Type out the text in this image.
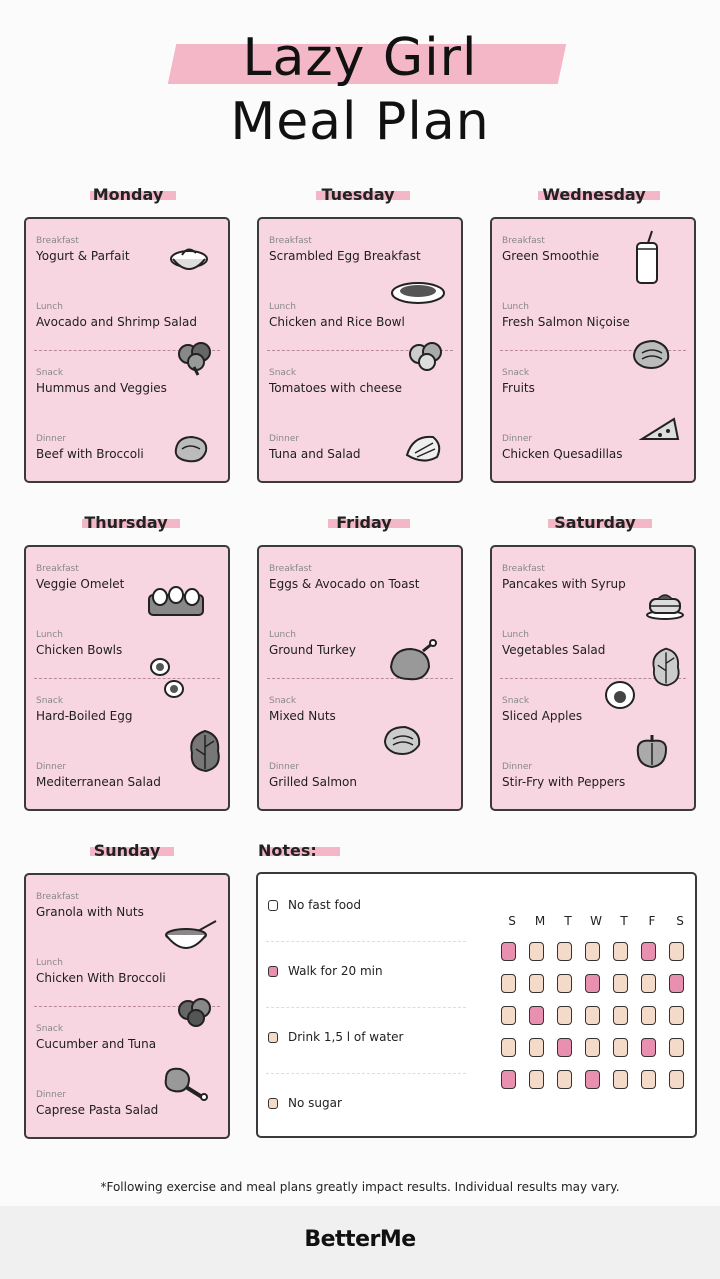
Lazy Girl
Meal Plan
Monday
Breakfast
Yogurt & Parfait
Lunch
Avocado and Shrimp Salad
Snack
Hummus and Veggies
Dinner
Beef with Broccoli
Tuesday
Breakfast
Scrambled Egg Breakfast
Lunch
Chicken and Rice Bowl
Snack
Tomatoes with cheese
Dinner
Tuna and Salad
Wednesday
Breakfast
Green Smoothie
Lunch
Fresh Salmon Niçoise
Snack
Fruits
Dinner
Chicken Quesadillas
Thursday
Breakfast
Veggie Omelet
Lunch
Chicken Bowls
Snack
Hard-Boiled Egg
Dinner
Mediterranean Salad
Friday
Breakfast
Eggs & Avocado on Toast
Lunch
Ground Turkey
Snack
Mixed Nuts
Dinner
Grilled Salmon
Saturday
Breakfast
Pancakes with Syrup
Lunch
Vegetables Salad
Snack
Sliced Apples
Dinner
Stir-Fry with Peppers
Sunday
Breakfast
Granola with Nuts
Lunch
Chicken With Broccoli
Snack
Cucumber and Tuna
Dinner
Caprese Pasta Salad
Notes:
No fast food
Walk for 20 min
Drink 1,5 l of water
No sugar
S	M	T	W	T	F	S
*Following exercise and meal plans greatly impact results. Individual results may vary.
BetterMe
